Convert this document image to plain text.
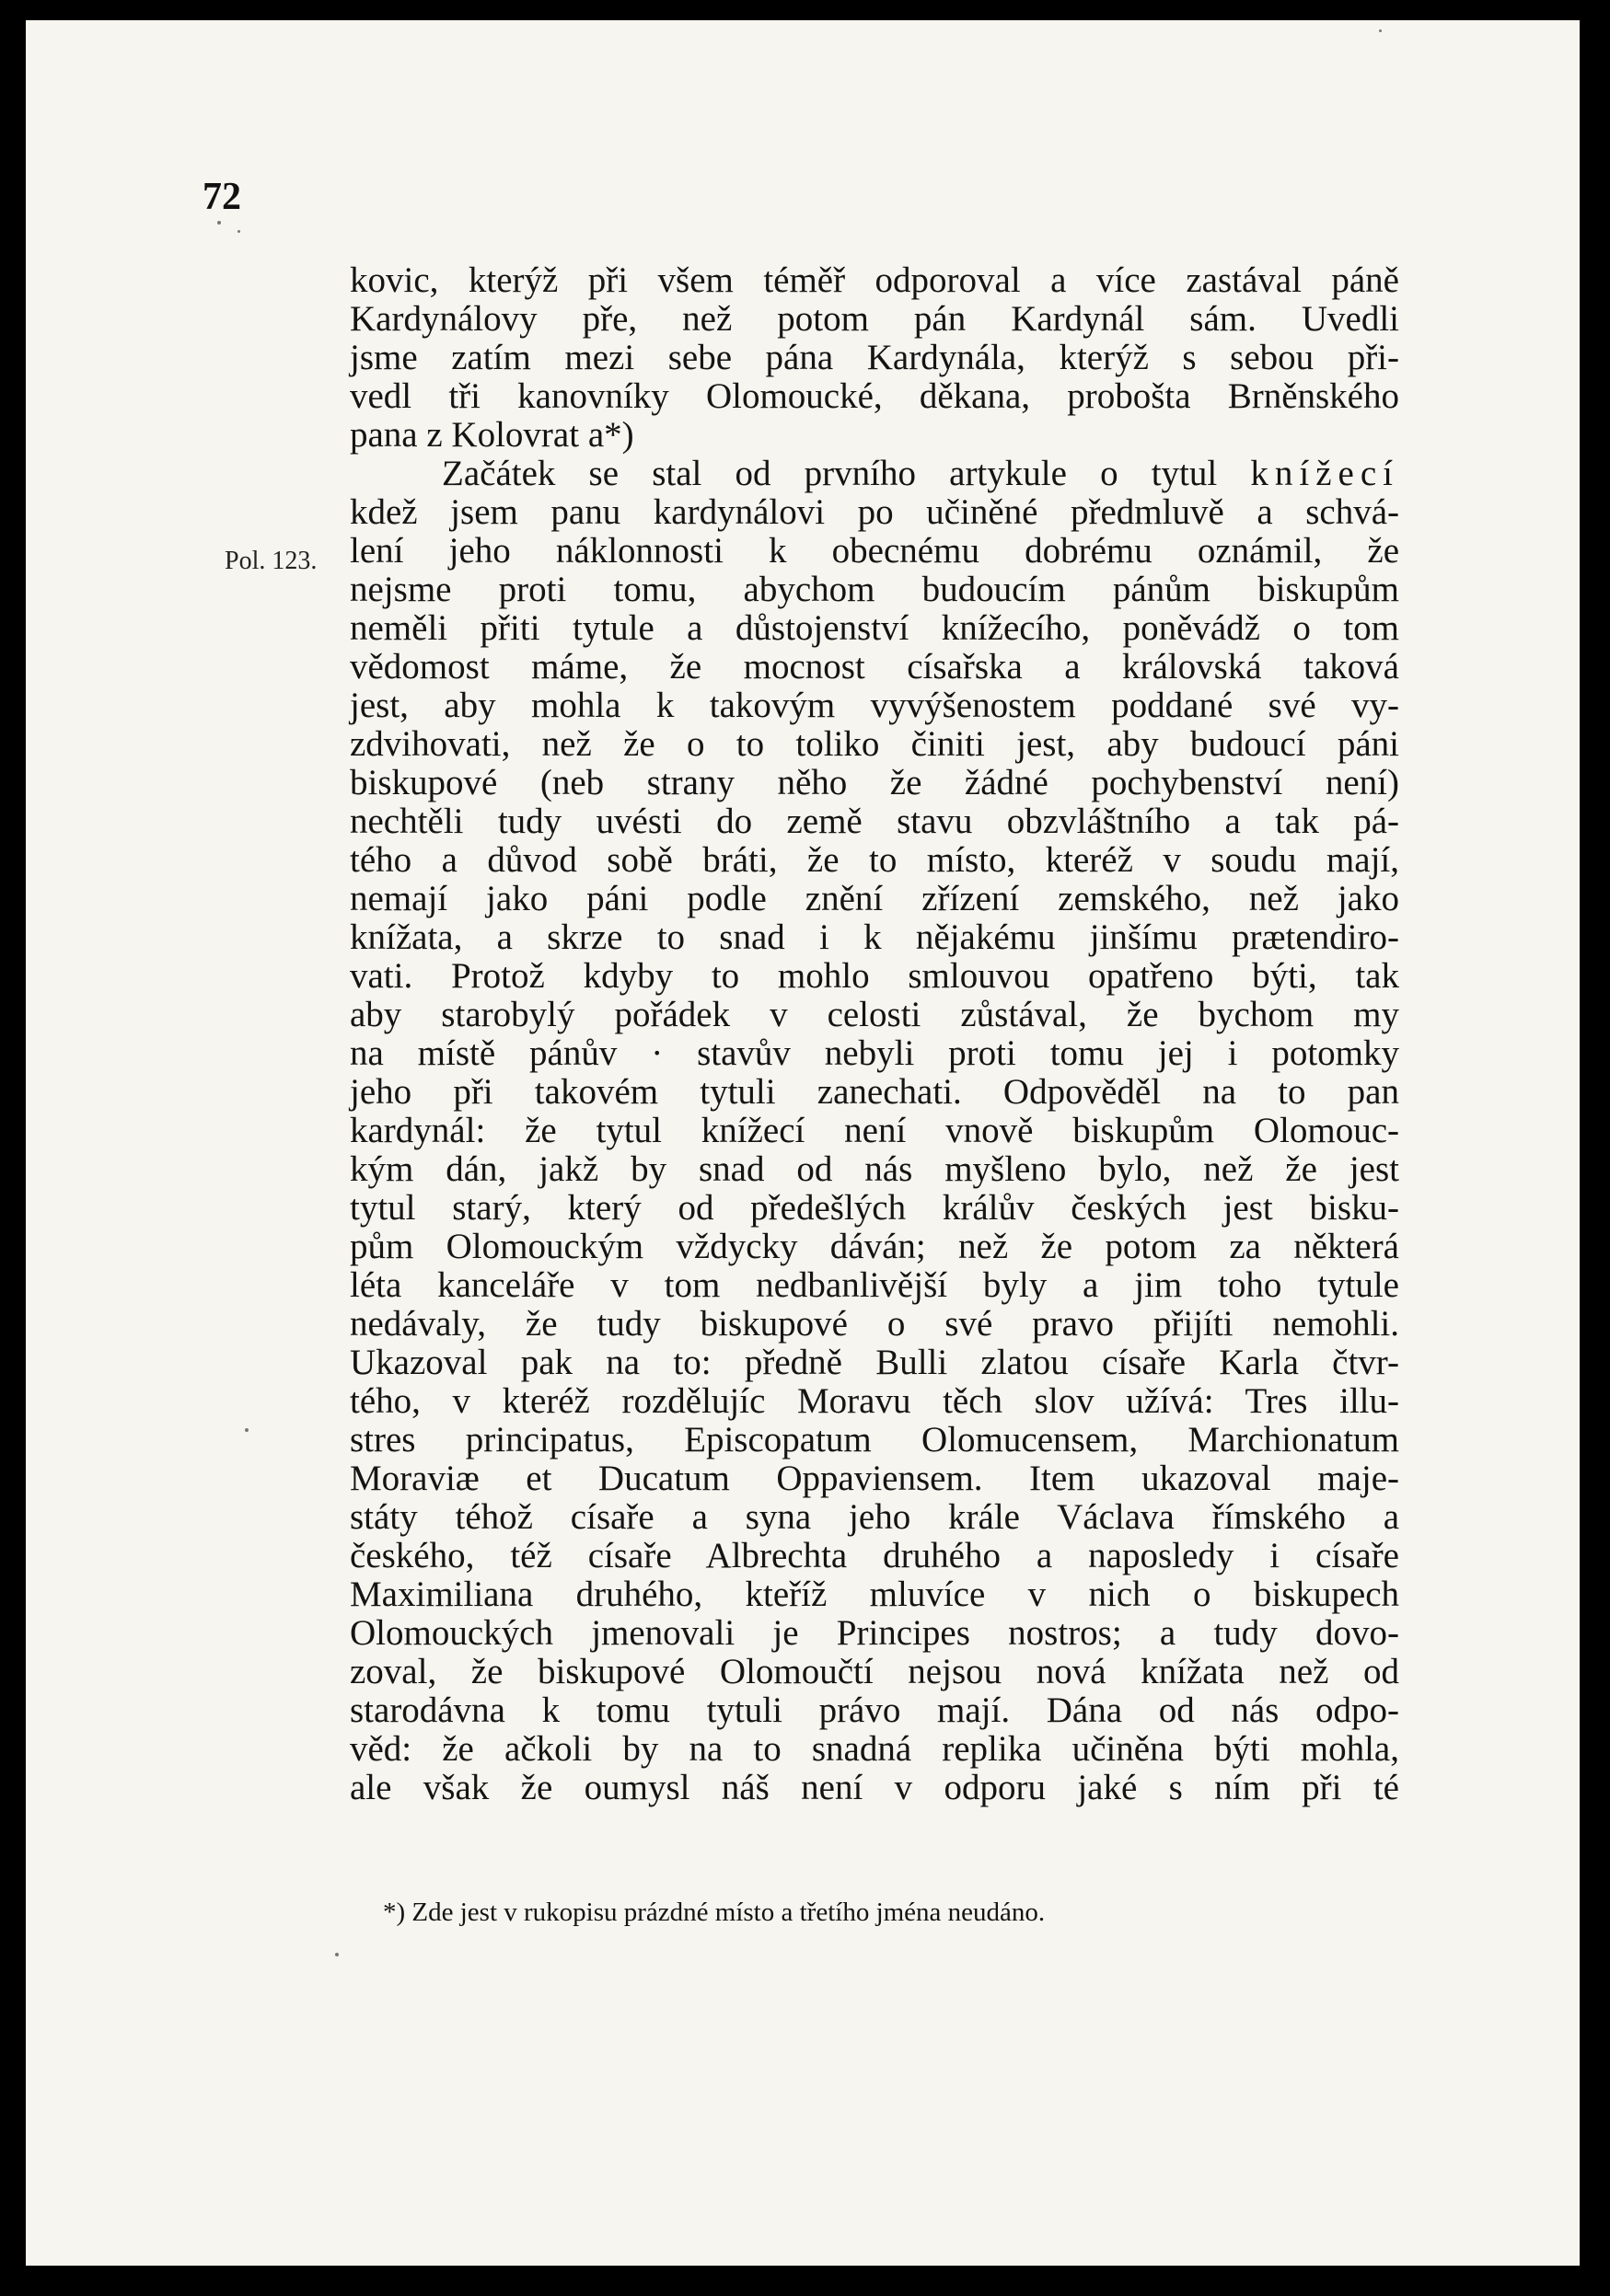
72
Pol. 123.
kovic, kterýž při všem téměř odporoval a více zastával páně
Kardynálovy pře, než potom pán Kardynál sám. Uvedli
jsme zatím mezi sebe pána Kardynála, kterýž s sebou při-
vedl tři kanovníky Olomoucké, děkana, probošta Brněnského
pana z Kolovrat a*)
Začátek se stal od prvního artykule o tytul knížecí
kdež jsem panu kardynálovi po učiněné předmluvě a schvá-
lení jeho náklonnosti k obecnému dobrému oznámil, že
nejsme proti tomu, abychom budoucím pánům biskupům
neměli přiti tytule a důstojenství knížecího, poněvádž o tom
vědomost máme, že mocnost císařska a královská taková
jest, aby mohla k takovým vyvýšenostem poddané své vy-
zdvihovati, než že o to toliko činiti jest, aby budoucí páni
biskupové (neb strany něho že žádné pochybenství není)
nechtěli tudy uvésti do země stavu obzvláštního a tak pá-
tého a důvod sobě bráti, že to místo, kteréž v soudu mají,
nemají jako páni podle znění zřízení zemského, než jako
knížata, a skrze to snad i k nějakému jinšímu prætendiro-
vati. Protož kdyby to mohlo smlouvou opatřeno býti, tak
aby starobylý pořádek v celosti zůstával, že bychom my
na místě pánův · stavův nebyli proti tomu jej i potomky
jeho při takovém tytuli zanechati. Odpověděl na to pan
kardynál: že tytul knížecí není vnově biskupům Olomouc-
kým dán, jakž by snad od nás myšleno bylo, než že jest
tytul starý, který od předešlých králův českých jest bisku-
pům Olomouckým vždycky dáván; než že potom za některá
léta kanceláře v tom nedbanlivější byly a jim toho tytule
nedávaly, že tudy biskupové o své pravo přijíti nemohli.
Ukazoval pak na to: předně Bulli zlatou císaře Karla čtvr-
tého, v kteréž rozdělujíc Moravu těch slov užívá: Tres illu-
stres principatus, Episcopatum Olomucensem, Marchionatum
Moraviæ et Ducatum Oppaviensem. Item ukazoval maje-
státy téhož císaře a syna jeho krále Václava římského a
českého, též císaře Albrechta druhého a naposledy i císaře
Maximiliana druhého, kteříž mluvíce v nich o biskupech
Olomouckých jmenovali je Principes nostros; a tudy dovo-
zoval, že biskupové Olomoučtí nejsou nová knížata než od
starodávna k tomu tytuli právo mají. Dána od nás odpo-
věd: že ačkoli by na to snadná replika učiněna býti mohla,
ale však že oumysl náš není v odporu jaké s ním při té
*) Zde jest v rukopisu prázdné místo a třetího jména neudáno.
